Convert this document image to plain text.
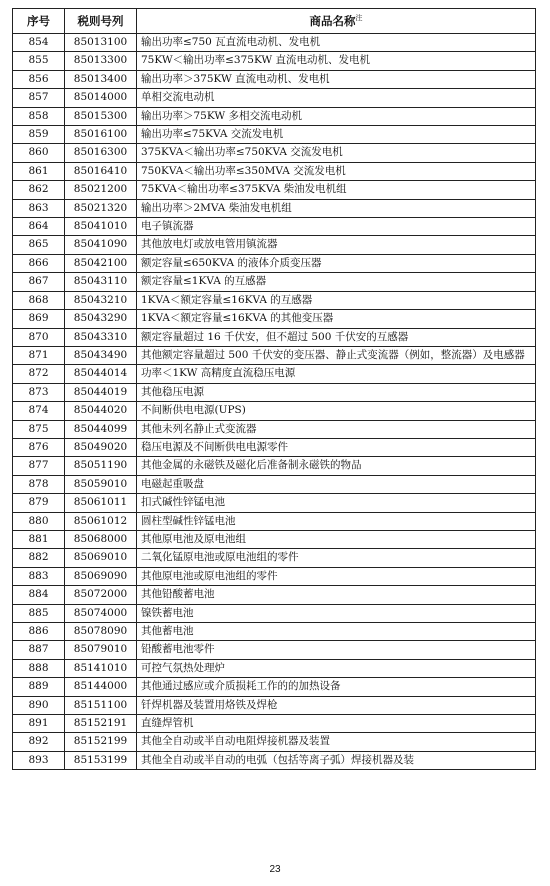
序号	税则号列	商品名称$^注$
854	85013100	输出功率≤750 瓦直流电动机、发电机
855	85013300	75KW＜输出功率≤375KW 直流电动机、发电机
856	85013400	输出功率＞375KW 直流电动机、发电机
857	85014000	单相交流电动机
858	85015300	输出功率＞75KW 多相交流电动机
859	85016100	输出功率≤75KVA 交流发电机
860	85016300	375KVA＜输出功率≤750KVA 交流发电机
861	85016410	750KVA＜输出功率≤350MVA 交流发电机
862	85021200	75KVA＜输出功率≤375KVA 柴油发电机组
863	85021320	输出功率＞2MVA 柴油发电机组
864	85041010	电子镇流器
865	85041090	其他放电灯或放电管用镇流器
866	85042100	额定容量≤650KVA 的液体介质变压器
867	85043110	额定容量≤1KVA 的互感器
868	85043210	1KVA＜额定容量≤16KVA 的互感器
869	85043290	1KVA＜额定容量≤16KVA 的其他变压器
870	85043310	额定容量超过 16 千伏安，但不超过 500 千伏安的互感器
871	85043490	其他额定容量超过 500 千伏安的变压器、静止式变流器（例如，整流器）及电感器
872	85044014	功率＜1KW 高精度直流稳压电源
873	85044019	其他稳压电源
874	85044020	不间断供电电源(UPS)
875	85044099	其他未列名静止式变流器
876	85049020	稳压电源及不间断供电电源零件
877	85051190	其他金属的永磁铁及磁化后准备制永磁铁的物品
878	85059010	电磁起重吸盘
879	85061011	扣式碱性锌锰电池
880	85061012	圆柱型碱性锌锰电池
881	85068000	其他原电池及原电池组
882	85069010	二氧化锰原电池或原电池组的零件
883	85069090	其他原电池或原电池组的零件
884	85072000	其他铅酸蓄电池
885	85074000	镍铁蓄电池
886	85078090	其他蓄电池
887	85079010	铅酸蓄电池零件
888	85141010	可控气氛热处理炉
889	85144000	其他通过感应或介质损耗工作的的加热设备
890	85151100	钎焊机器及装置用烙铁及焊枪
891	85152191	直缝焊管机
892	85152199	其他全自动或半自动电阻焊接机器及装置
893	85153199	其他全自动或半自动的电弧（包括等离子弧）焊接机器及装
23
